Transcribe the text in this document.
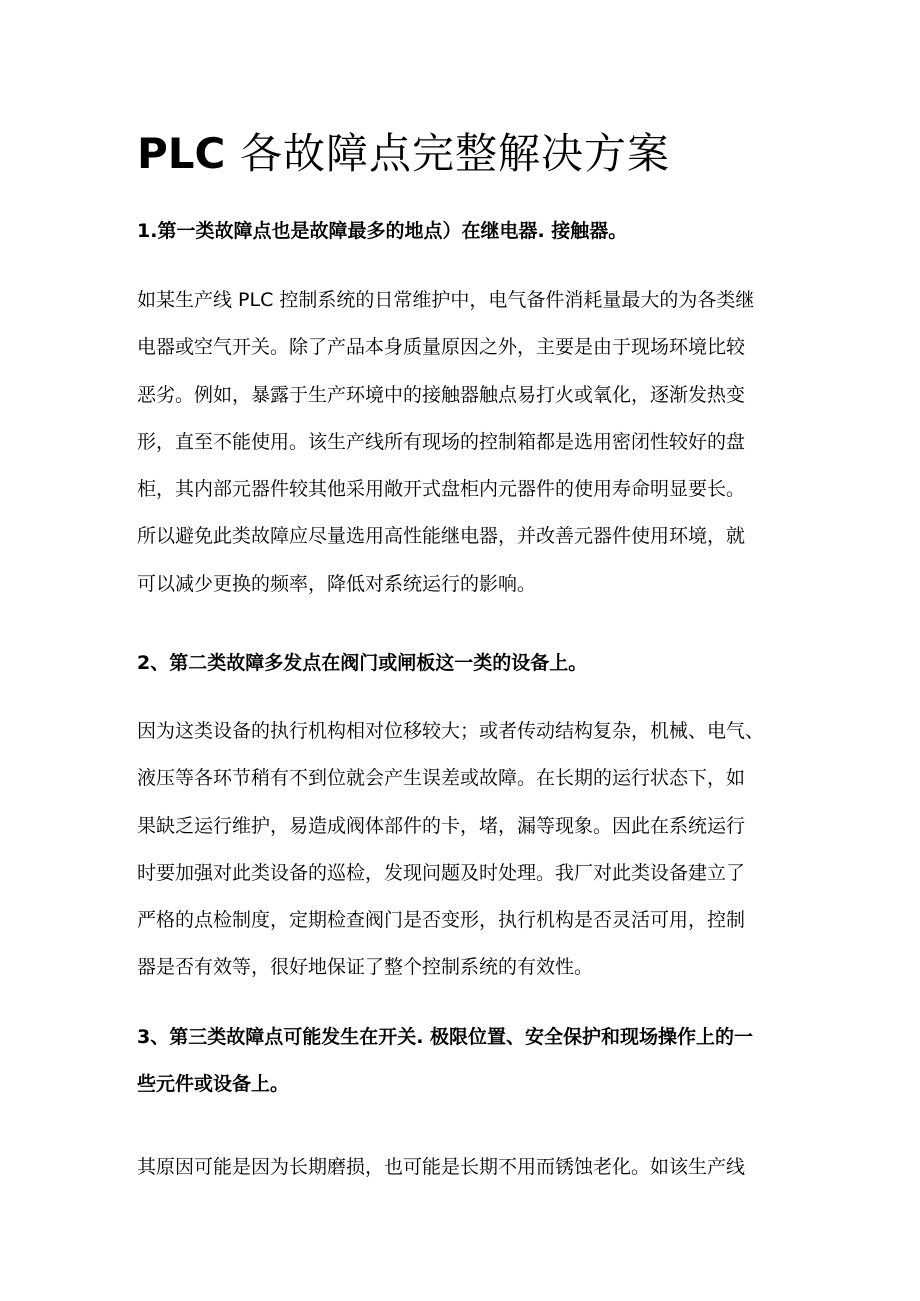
PLC 各故障点完整解决方案
1.第一类故障点也是故障最多的地点）在继电器. 接触器。
如某生产线 PLC 控制系统的日常维护中，电气备件消耗量最大的为各类继
电器或空气开关。除了产品本身质量原因之外，主要是由于现场环境比较
恶劣。例如，暴露于生产环境中的接触器触点易打火或氧化，逐渐发热变
形，直至不能使用。该生产线所有现场的控制箱都是选用密闭性较好的盘
柜，其内部元器件较其他采用敞开式盘柜内元器件的使用寿命明显要长。
所以避免此类故障应尽量选用高性能继电器，并改善元器件使用环境，就
可以减少更换的频率，降低对系统运行的影响。
2、第二类故障多发点在阀门或闸板这一类的设备上。
因为这类设备的执行机构相对位移较大；或者传动结构复杂，机械、电气、
液压等各环节稍有不到位就会产生误差或故障。在长期的运行状态下，如
果缺乏运行维护，易造成阀体部件的卡，堵，漏等现象。因此在系统运行
时要加强对此类设备的巡检，发现问题及时处理。我厂对此类设备建立了
严格的点检制度，定期检查阀门是否变形，执行机构是否灵活可用，控制
器是否有效等，很好地保证了整个控制系统的有效性。
3、第三类故障点可能发生在开关. 极限位置、安全保护和现场操作上的一
些元件或设备上。
其原因可能是因为长期磨损，也可能是长期不用而锈蚀老化。如该生产线
